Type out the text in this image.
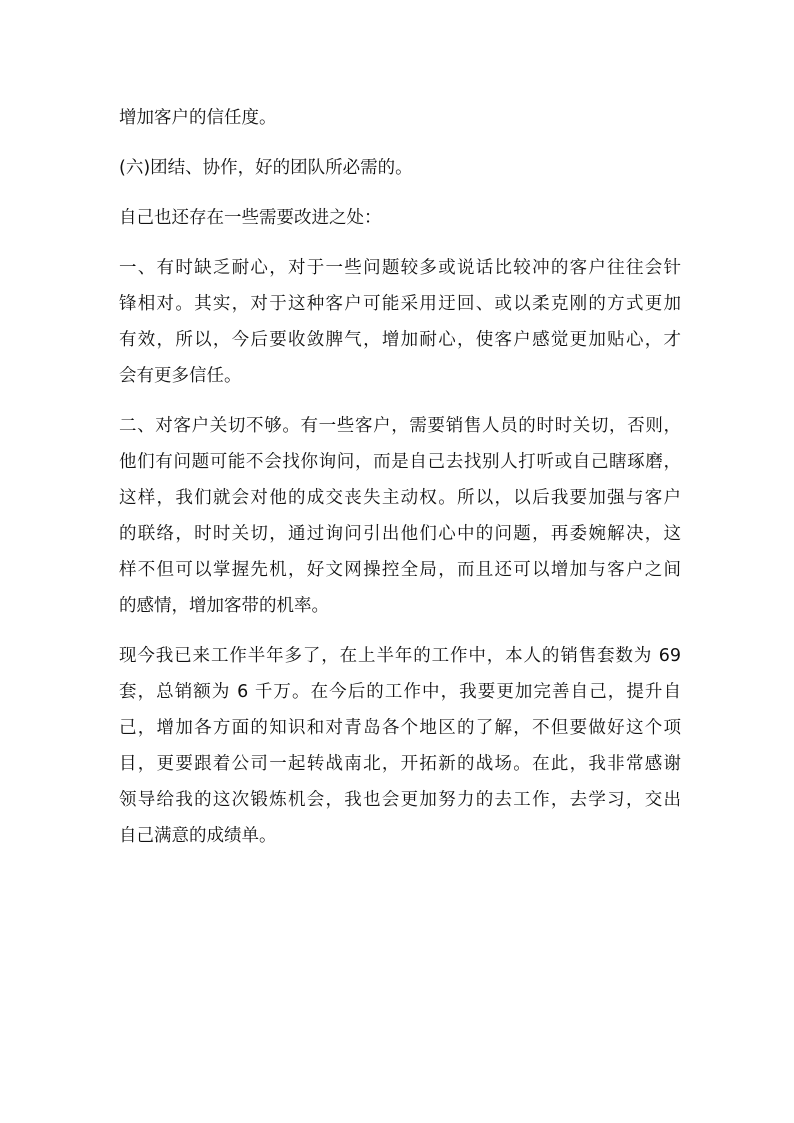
增加客户的信任度。
(六)团结、协作，好的团队所必需的。
自己也还存在一些需要改进之处：
一、有时缺乏耐心，对于一些问题较多或说话比较冲的客户往往会针
锋相对。其实，对于这种客户可能采用迂回、或以柔克刚的方式更加
有效，所以，今后要收敛脾气，增加耐心，使客户感觉更加贴心，才
会有更多信任。
二、对客户关切不够。有一些客户，需要销售人员的时时关切，否则，
他们有问题可能不会找你询问，而是自己去找别人打听或自己瞎琢磨，
这样，我们就会对他的成交丧失主动权。所以，以后我要加强与客户
的联络，时时关切，通过询问引出他们心中的问题，再委婉解决，这
样不但可以掌握先机，好文网操控全局，而且还可以增加与客户之间
的感情，增加客带的机率。
现今我已来工作半年多了，在上半年的工作中，本人的销售套数为 69
套，总销额为 6 千万。在今后的工作中，我要更加完善自己，提升自
己，增加各方面的知识和对青岛各个地区的了解，不但要做好这个项
目，更要跟着公司一起转战南北，开拓新的战场。在此，我非常感谢
领导给我的这次锻炼机会，我也会更加努力的去工作，去学习，交出
自己满意的成绩单。
